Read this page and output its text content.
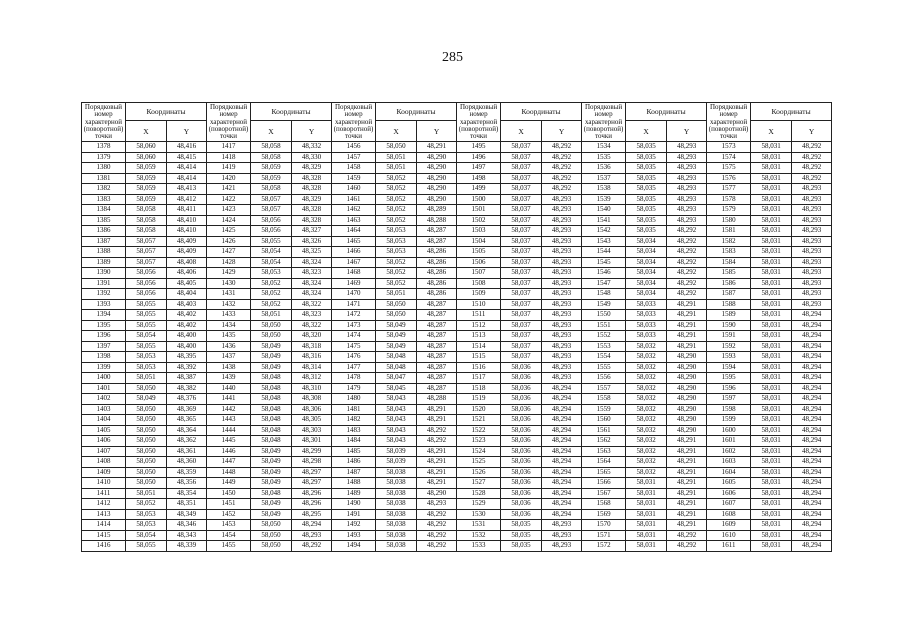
285
Порядковый номер характерной (поворотной) точки	Координаты		Порядковый номер характерной (поворотной) точки	Координаты		Порядковый номер характерной (поворотной) точки	Координаты		Порядковый номер характерной (поворотной) точки	Координаты		Порядковый номер характерной (поворотной) точки	Координаты		Порядковый номер характерной (поворотной) точки	Координаты	
	X	Y		X	Y		X	Y		X	Y		X	Y		X	Y
1378	58,060	48,416	1417	58,058	48,332	1456	58,050	48,291	1495	58,037	48,292	1534	58,035	48,293	1573	58,031	48,292
1379	58,060	48,415	1418	58,058	48,330	1457	58,051	48,290	1496	58,037	48,292	1535	58,035	48,293	1574	58,031	48,292
1380	58,059	48,414	1419	58,059	48,329	1458	58,051	48,290	1497	58,037	48,292	1536	58,035	48,293	1575	58,031	48,292
1381	58,059	48,414	1420	58,059	48,328	1459	58,052	48,290	1498	58,037	48,292	1537	58,035	48,293	1576	58,031	48,292
1382	58,059	48,413	1421	58,058	48,328	1460	58,052	48,290	1499	58,037	48,292	1538	58,035	48,293	1577	58,031	48,293
1383	58,059	48,412	1422	58,057	48,329	1461	58,052	48,290	1500	58,037	48,293	1539	58,035	48,293	1578	58,031	48,293
1384	58,058	48,411	1423	58,057	48,328	1462	58,052	48,289	1501	58,037	48,293	1540	58,035	48,293	1579	58,031	48,293
1385	58,058	48,410	1424	58,056	48,328	1463	58,052	48,288	1502	58,037	48,293	1541	58,035	48,293	1580	58,031	48,293
1386	58,058	48,410	1425	58,056	48,327	1464	58,053	48,287	1503	58,037	48,293	1542	58,035	48,292	1581	58,031	48,293
1387	58,057	48,409	1426	58,055	48,326	1465	58,053	48,287	1504	58,037	48,293	1543	58,034	48,292	1582	58,031	48,293
1388	58,057	48,409	1427	58,054	48,325	1466	58,053	48,286	1505	58,037	48,293	1544	58,034	48,292	1583	58,031	48,293
1389	58,057	48,408	1428	58,054	48,324	1467	58,052	48,286	1506	58,037	48,293	1545	58,034	48,292	1584	58,031	48,293
1390	58,056	48,406	1429	58,053	48,323	1468	58,052	48,286	1507	58,037	48,293	1546	58,034	48,292	1585	58,031	48,293
1391	58,056	48,405	1430	58,052	48,324	1469	58,052	48,286	1508	58,037	48,293	1547	58,034	48,292	1586	58,031	48,293
1392	58,056	48,404	1431	58,052	48,324	1470	58,051	48,286	1509	58,037	48,293	1548	58,034	48,292	1587	58,031	48,293
1393	58,055	48,403	1432	58,052	48,322	1471	58,050	48,287	1510	58,037	48,293	1549	58,033	48,291	1588	58,031	48,293
1394	58,055	48,402	1433	58,051	48,323	1472	58,050	48,287	1511	58,037	48,293	1550	58,033	48,291	1589	58,031	48,294
1395	58,055	48,402	1434	58,050	48,322	1473	58,049	48,287	1512	58,037	48,293	1551	58,033	48,291	1590	58,031	48,294
1396	58,054	48,400	1435	58,050	48,320	1474	58,049	48,287	1513	58,037	48,293	1552	58,033	48,291	1591	58,031	48,294
1397	58,055	48,400	1436	58,049	48,318	1475	58,049	48,287	1514	58,037	48,293	1553	58,032	48,291	1592	58,031	48,294
1398	58,053	48,395	1437	58,049	48,316	1476	58,048	48,287	1515	58,037	48,293	1554	58,032	48,290	1593	58,031	48,294
1399	58,053	48,392	1438	58,049	48,314	1477	58,048	48,287	1516	58,036	48,293	1555	58,032	48,290	1594	58,031	48,294
1400	58,051	48,387	1439	58,048	48,312	1478	58,047	48,287	1517	58,036	48,293	1556	58,032	48,290	1595	58,031	48,294
1401	58,050	48,382	1440	58,048	48,310	1479	58,045	48,287	1518	58,036	48,294	1557	58,032	48,290	1596	58,031	48,294
1402	58,049	48,376	1441	58,048	48,308	1480	58,043	48,288	1519	58,036	48,294	1558	58,032	48,290	1597	58,031	48,294
1403	58,050	48,369	1442	58,048	48,306	1481	58,043	48,291	1520	58,036	48,294	1559	58,032	48,290	1598	58,031	48,294
1404	58,050	48,365	1443	58,048	48,305	1482	58,043	48,291	1521	58,036	48,294	1560	58,032	48,290	1599	58,031	48,294
1405	58,050	48,364	1444	58,048	48,303	1483	58,043	48,292	1522	58,036	48,294	1561	58,032	48,290	1600	58,031	48,294
1406	58,050	48,362	1445	58,048	48,301	1484	58,043	48,292	1523	58,036	48,294	1562	58,032	48,291	1601	58,031	48,294
1407	58,050	48,361	1446	58,049	48,299	1485	58,039	48,291	1524	58,036	48,294	1563	58,032	48,291	1602	58,031	48,294
1408	58,050	48,360	1447	58,049	48,298	1486	58,039	48,291	1525	58,036	48,294	1564	58,032	48,291	1603	58,031	48,294
1409	58,050	48,359	1448	58,049	48,297	1487	58,038	48,291	1526	58,036	48,294	1565	58,032	48,291	1604	58,031	48,294
1410	58,050	48,356	1449	58,049	48,297	1488	58,038	48,291	1527	58,036	48,294	1566	58,031	48,291	1605	58,031	48,294
1411	58,051	48,354	1450	58,048	48,296	1489	58,038	48,290	1528	58,036	48,294	1567	58,031	48,291	1606	58,031	48,294
1412	58,052	48,351	1451	58,049	48,296	1490	58,038	48,293	1529	58,036	48,294	1568	58,031	48,291	1607	58,031	48,294
1413	58,053	48,349	1452	58,049	48,295	1491	58,038	48,292	1530	58,036	48,294	1569	58,031	48,291	1608	58,031	48,294
1414	58,053	48,346	1453	58,050	48,294	1492	58,038	48,292	1531	58,035	48,293	1570	58,031	48,291	1609	58,031	48,294
1415	58,054	48,343	1454	58,050	48,293	1493	58,038	48,292	1532	58,035	48,293	1571	58,031	48,292	1610	58,031	48,294
1416	58,055	48,339	1455	58,050	48,292	1494	58,038	48,292	1533	58,035	48,293	1572	58,031	48,292	1611	58,031	48,294
